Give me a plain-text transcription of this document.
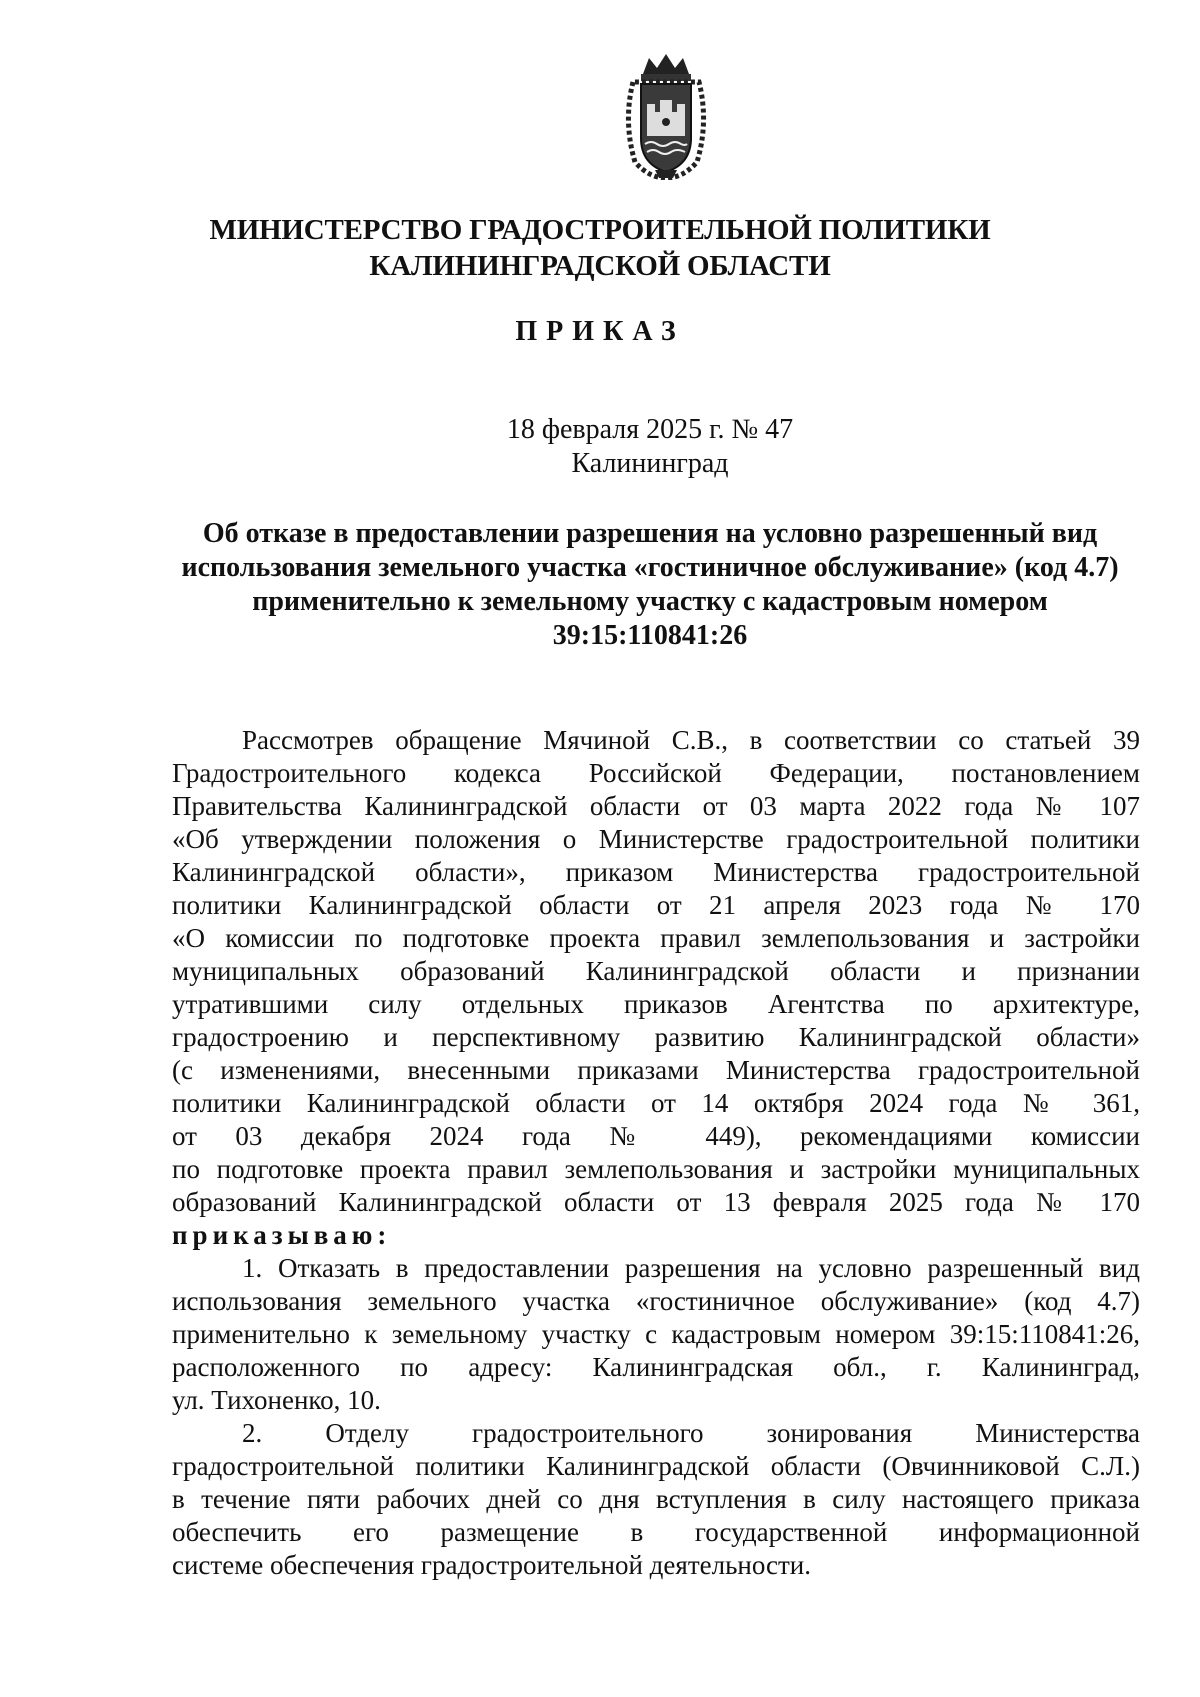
МИНИСТЕРСТВО ГРАДОСТРОИТЕЛЬНОЙ ПОЛИТИКИ
КАЛИНИНГРАДСКОЙ ОБЛАСТИ
ПРИКАЗ
18 февраля 2025 г. № 47
Калининград
Об отказе в предоставлении разрешения на условно разрешенный вид
использования земельного участка «гостиничное обслуживание» (код 4.7)
применительно к земельному участку с кадастровым номером
39:15:110841:26

Рассмотрев обращение Мячиной С.В., в соответствии со статьей 39
Градостроительного кодекса Российской Федерации, постановлением
Правительства Калининградской области от 03 марта 2022 года № 107
«Об утверждении положения о Министерстве градостроительной политики
Калининградской области», приказом Министерства градостроительной
политики Калининградской области от 21 апреля 2023 года № 170
«О комиссии по подготовке проекта правил землепользования и застройки
муниципальных образований Калининградской области и признании
утратившими силу отдельных приказов Агентства по архитектуре,
градостроению и перспективному развитию Калининградской области»
(с изменениями, внесенными приказами Министерства градостроительной
политики Калининградской области от 14 октября 2024 года № 361,
от 03 декабря 2024 года № 449), рекомендациями комиссии
по подготовке проекта правил землепользования и застройки муниципальных
образований Калининградской области от 13 февраля 2025 года № 170
приказываю:

1. Отказать в предоставлении разрешения на условно разрешенный вид
использования земельного участка «гостиничное обслуживание» (код 4.7)
применительно к земельному участку с кадастровым номером 39:15:110841:26,
расположенного по адресу: Калининградская обл., г. Калининград,
ул. Тихоненко, 10.

2. Отделу градостроительного зонирования Министерства
градостроительной политики Калининградской области (Овчинниковой С.Л.)
в течение пяти рабочих дней со дня вступления в силу настоящего приказа
обеспечить его размещение в государственной информационной
системе обеспечения градостроительной деятельности.
